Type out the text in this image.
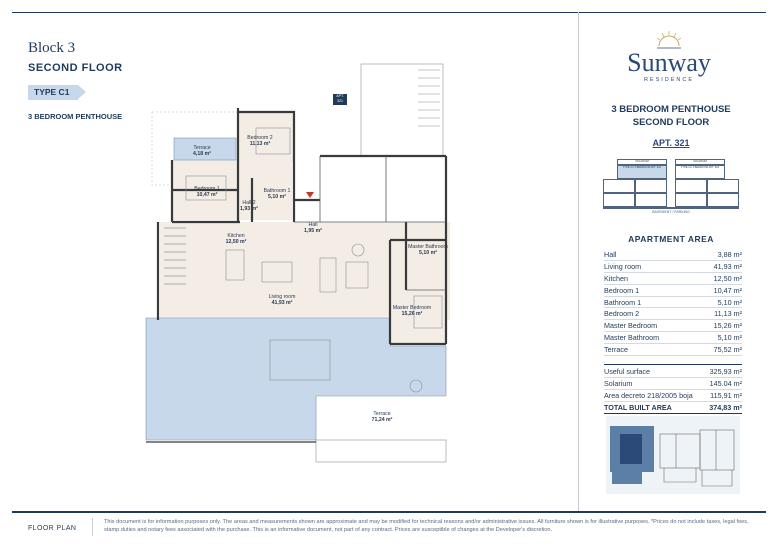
Block 3
SECOND FLOOR
TYPE C1
3 BEDROOM PENTHOUSE
APT.
321
Terrace
4,18 m²
Bedroom 2
11,13 m²
Bedroom 1
10,47 m²
Bathroom 1
5,10 m²
Hall 2
1,93 m²
Hall
1,95 m²
Kitchen
12,50 m²
Master Bathroom
5,10 m²
Living room
41,93 m²
Master Bedroom
15,26 m²
Terrace
71,24 m²
Sunway
RESIDENCE
3 BEDROOM PENTHOUSE
SECOND FLOOR
APT. 321
SOLARIUM	SOLARIUM
TYPE C1 3 BEDROOM APT. 321	TYPE C2 3 BEDROOM APT. 322
BASEMENT / PARKING
APARTMENT AREA
Hall	3,88 m²
Living room	41,93 m²
Kitchen	12,50 m²
Bedroom 1	10,47 m²
Bathroom 1	5,10 m²
Bedroom 2	11,13 m²
Master Bedroom	15,26 m²
Master Bathroom	5,10 m²
Terrace	75,52 m²
Useful surface	325,93 m²
Solarium	145.04 m²
Area decreto 218/2005 boja 115,91 m²
TOTAL BUILT AREA	374,83 m²
FLOOR PLAN
This document is for information purposes only. The areas and measurements shown are approximate and may be modified for technical reasons and/or administrative issues. All furniture shown is for illustrative purposes. *Prices do not include taxes, legal fees, stamp duties and notary fees associated with the purchase. This is an informative document, not part of any contract. Prices are susceptible of changes at the Developer's discretion.
